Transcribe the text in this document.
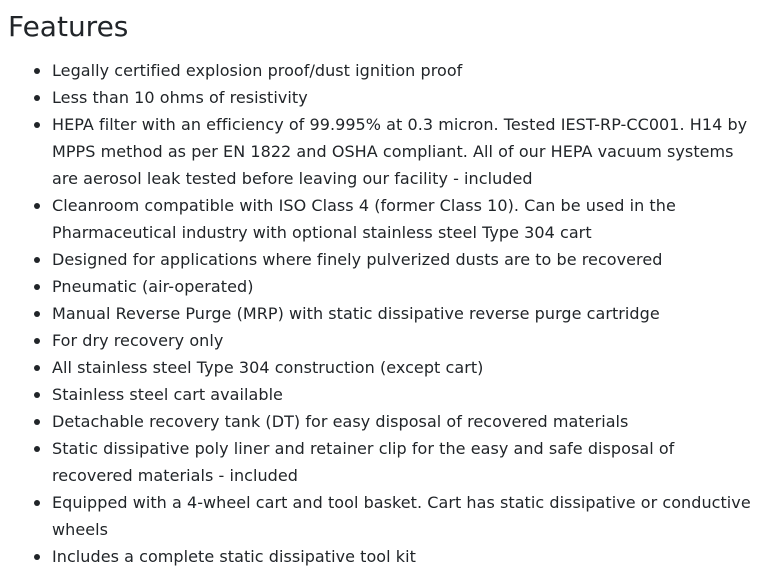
Features
Legally certified explosion proof/dust ignition proof
Less than 10 ohms of resistivity
HEPA filter with an efficiency of 99.995% at 0.3 micron. Tested IEST-RP-CC001. H14 by MPPS method as per EN 1822 and OSHA compliant. All of our HEPA vacuum systems are aerosol leak tested before leaving our facility - included
Cleanroom compatible with ISO Class 4 (former Class 10). Can be used in the Pharmaceutical industry with optional stainless steel Type 304 cart
Designed for applications where finely pulverized dusts are to be recovered
Pneumatic (air-operated)
Manual Reverse Purge (MRP) with static dissipative reverse purge cartridge
For dry recovery only
All stainless steel Type 304 construction (except cart)
Stainless steel cart available
Detachable recovery tank (DT) for easy disposal of recovered materials
Static dissipative poly liner and retainer clip for the easy and safe disposal of recovered materials - included
Equipped with a 4-wheel cart and tool basket. Cart has static dissipative or conductive wheels
Includes a complete static dissipative tool kit
